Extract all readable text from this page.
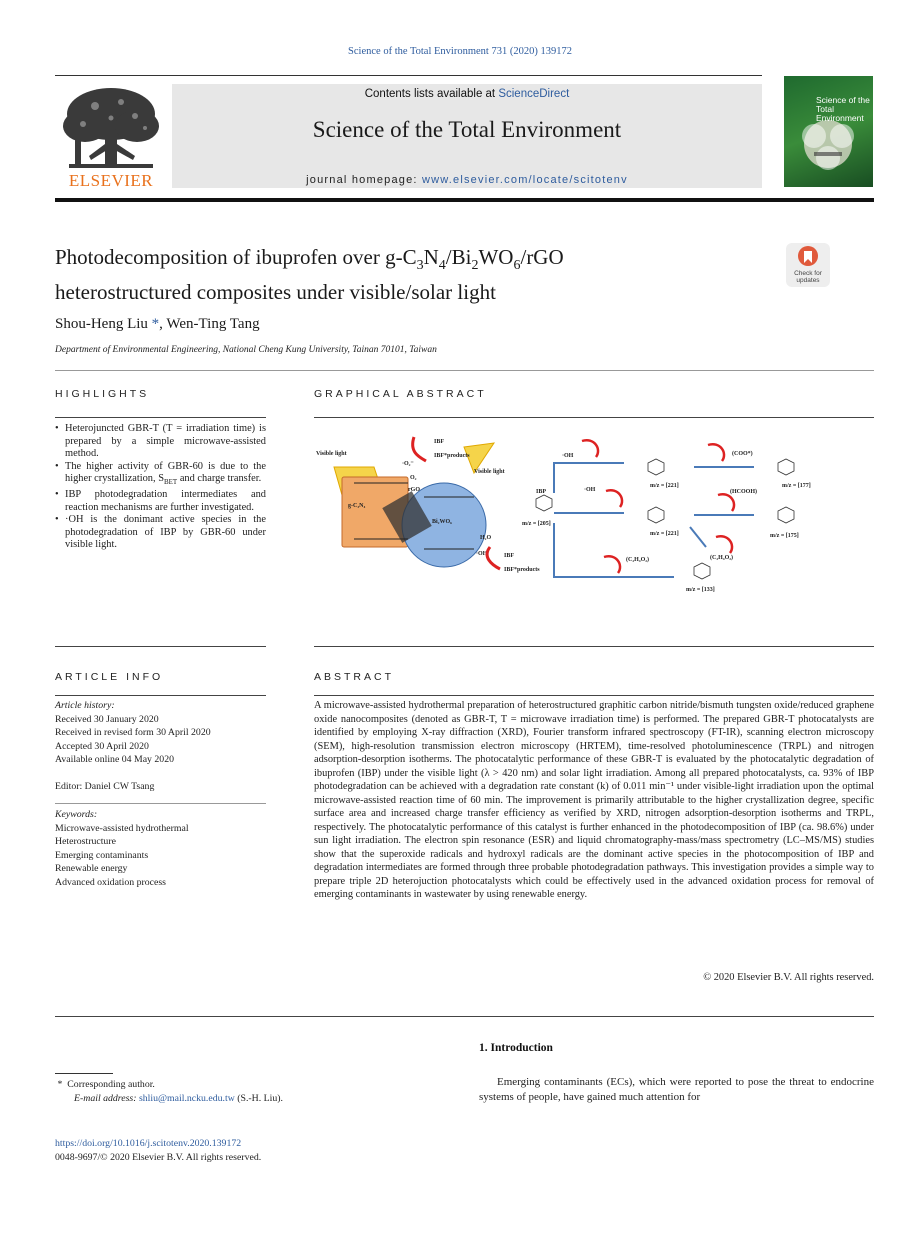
Science of the Total Environment 731 (2020) 139172
Contents lists available at ScienceDirect
Science of the Total Environment
journal homepage: www.elsevier.com/locate/scitotenv
ELSEVIER
Science of the Total Environment
Photodecomposition of ibuprofen over $g-C_3N_4/Bi_2WO_6$/rGO
heterostructured composites under visible/solar light
Check for updates
Shou-Heng Liu *, Wen-Ting Tang
Department of Environmental Engineering, National Cheng Kung University, Tainan 70101, Taiwan
HIGHLIGHTS	GRAPHICAL ABSTRACT
• Heterojuncted GBR-T (T = irradiation time) is prepared by a simple microwave-assisted method.
• The higher activity of GBR-60 is due to the higher crystallization, $S_{BET}$ and charge transfer.
• IBP photodegradation intermediates and reaction mechanisms are further investigated.
• ·OH is the donimant active species in the photodegradation of IBP by GBR-60 under visible light.
Visible light
g-C₃N₄
Visible light
Bi₂WO₆
rGO
IBF
IBF*products
·O₂⁻
O₂
H₂O
·OH	IBF
IBF*products
·OH
·OH
IBP
m/z = [205]
m/z = [221]
m/z = [221]
m/z = [177]
m/z = [175]
m/z = [133]
(COO*)
(HCOOH)
(C₂H₄O₂)	(C₂H₄O₂)
ARTICLE INFO	ABSTRACT
Article history:
Received 30 January 2020
Received in revised form 30 April 2020
Accepted 30 April 2020
Available online 04 May 2020
Editor: Daniel CW Tsang
Keywords:
Microwave-assisted hydrothermal
Heterostructure
Emerging contaminants
Renewable energy
Advanced oxidation process
A microwave-assisted hydrothermal preparation of heterostructured graphitic carbon nitride/bismuth tungsten oxide/reduced graphene oxide nanocomposites (denoted as GBR-T, T = microwave irradiation time) is performed. The prepared GBR-T photocatalysts are identified by employing X-ray diffraction (XRD), Fourier transform infrared spectroscopy (FT-IR), scanning electron microscopy (SEM), high-resolution transmission electron microscopy (HRTEM), time-resolved photoluminescence (TRPL) and nitrogen adsorption-desorption isotherms. The photocatalytic performance of these GBR-T is evaluated by the photocatalytic degradation of ibuprofen (IBP) under the visible light (λ > 420 nm) and solar light irradiation. Among all prepared photocatalysts, ca. 93% of IBP photodegradation can be achieved with a degradation rate constant (k) of 0.011 min⁻¹ under visible-light irradiation upon the optimal microwave-assisted reaction time of 60 min. The improvement is primarily attributable to the higher crystallization degree, specific surface area and increased charge transfer efficiency as verified by XRD, nitrogen adsorption-desorption isotherms and TRPL, respectively. The photocatalytic performance of this catalyst is further enhanced in the photodecomposition of IBP (ca. 98.6%) under sun light irradiation. The electron spin resonance (ESR) and liquid chromatography-mass/mass spectrometry (LC–MS/MS) studies show that the superoxide radicals and hydroxyl radicals are the dominant active species in the photocomposition of IBP and degradation intermediates are formed through three probable photodegradation pathways. This investigation provides a simple way to prepare triple 2D heterojuction photocatalysts which could be effectively used in the advanced oxidation process for removal of emerging contaminants in wastewater by using renewable energy.
© 2020 Elsevier B.V. All rights reserved.
1. Introduction
Emerging contaminants (ECs), which were reported to pose the threat to endocrine systems of people, have gained much attention for
* Corresponding author.
E-mail address: shliu@mail.ncku.edu.tw (S.-H. Liu).
https://doi.org/10.1016/j.scitotenv.2020.139172
0048-9697/© 2020 Elsevier B.V. All rights reserved.
